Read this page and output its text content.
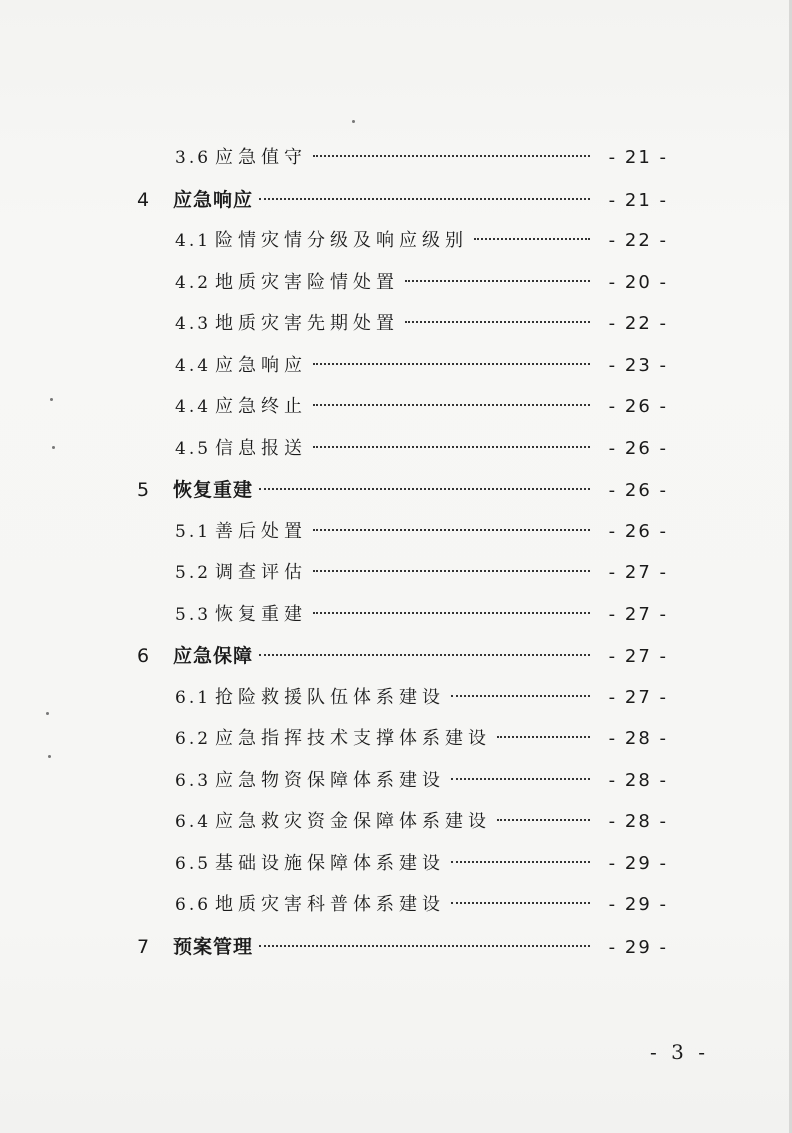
3.6 应急值守	- 21 -
4	应急响应	- 21 -
4.1 险情灾情分级及响应级别	- 22 -
4.2 地质灾害险情处置	- 20 -
4.3 地质灾害先期处置	- 22 -
4.4 应急响应	- 23 -
4.4 应急终止	- 26 -
4.5 信息报送	- 26 -
5	恢复重建	- 26 -
5.1 善后处置	- 26 -
5.2 调查评估	- 27 -
5.3 恢复重建	- 27 -
6	应急保障	- 27 -
6.1 抢险救援队伍体系建设	- 27 -
6.2 应急指挥技术支撑体系建设	- 28 -
6.3 应急物资保障体系建设	- 28 -
6.4 应急救灾资金保障体系建设	- 28 -
6.5 基础设施保障体系建设	- 29 -
6.6 地质灾害科普体系建设	- 29 -
7	预案管理	- 29 -
- 3 -
